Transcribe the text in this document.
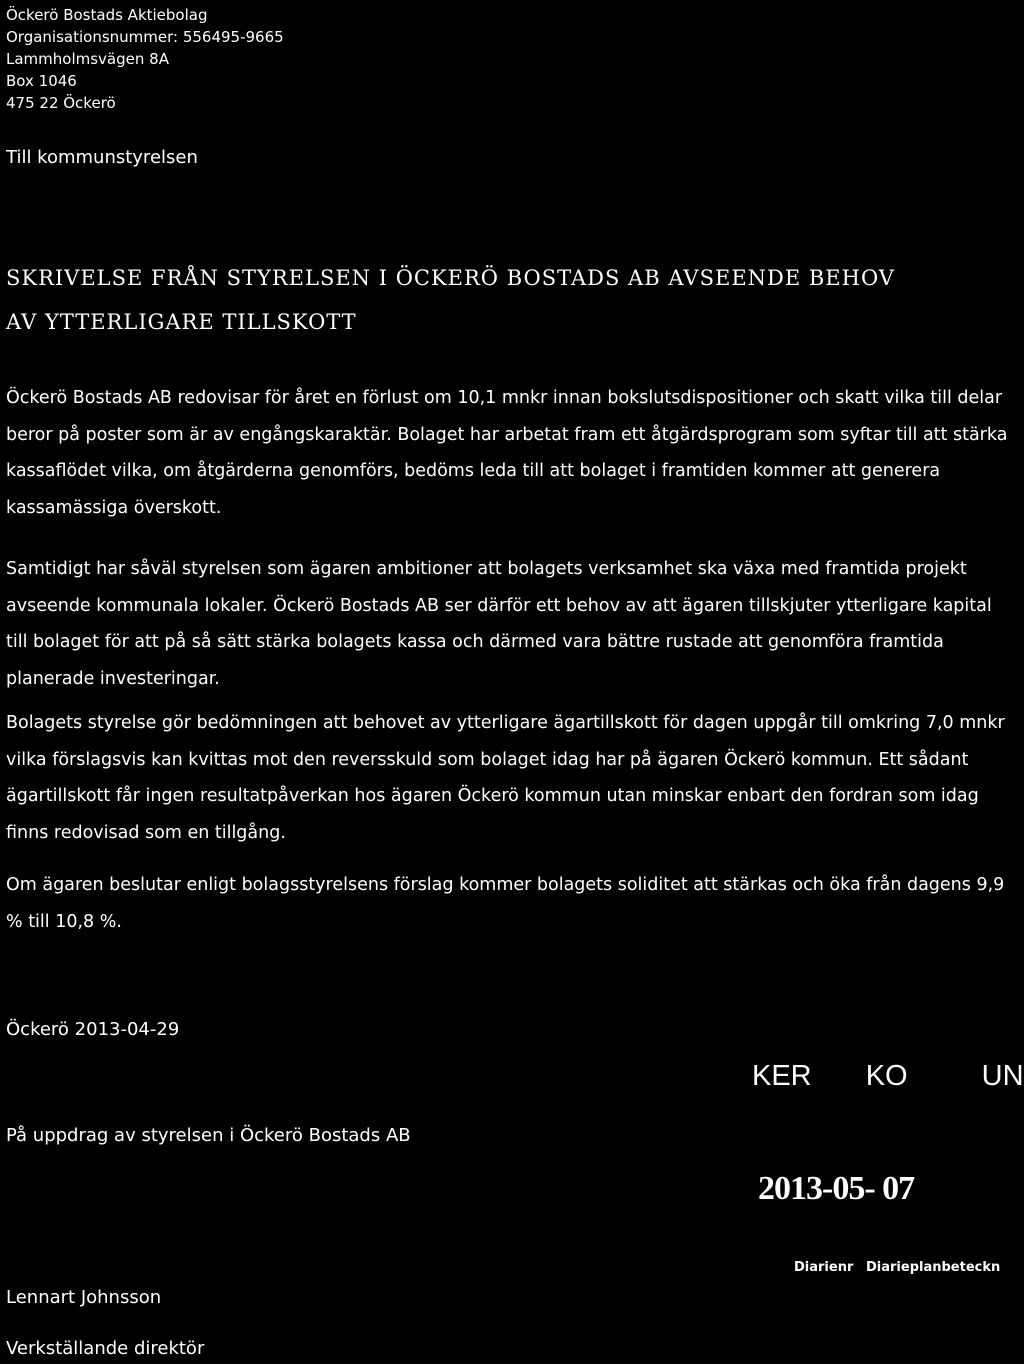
Öckerö Bostads Aktiebolag
Organisationsnummer: 556495-9665
Lammholmsvägen 8A
Box 1046
475 22 Öckerö
Till kommunstyrelsen
SKRIVELSE FRÅN STYRELSEN I ÖCKERÖ BOSTADS AB AVSEENDE BEHOV
AV YTTERLIGARE TILLSKOTT
Öckerö Bostads AB redovisar för året en förlust om 10,1 mnkr innan bokslutsdispositioner och skatt vilka till delar beror på poster som är av engångskaraktär. Bolaget har arbetat fram ett åtgärdsprogram som syftar till att stärka kassaflödet vilka, om åtgärderna genomförs, bedöms leda till att bolaget i framtiden kommer att generera kassamässiga överskott.
Samtidigt har såväl styrelsen som ägaren ambitioner att bolagets verksamhet ska växa med framtida projekt avseende kommunala lokaler. Öckerö Bostads AB ser därför ett behov av att ägaren tillskjuter ytterligare kapital till bolaget för att på så sätt stärka bolagets kassa och därmed vara bättre rustade att genomföra framtida planerade investeringar.
Bolagets styrelse gör bedömningen att behovet av ytterligare ägartillskott för dagen uppgår till omkring 7,0 mnkr vilka förslagsvis kan kvittas mot den reversskuld som bolaget idag har på ägaren Öckerö kommun. Ett sådant ägartillskott får ingen resultatpåverkan hos ägaren Öckerö kommun utan minskar enbart den fordran som idag finns redovisad som en tillgång.
Om ägaren beslutar enligt bolagsstyrelsens förslag kommer bolagets soliditet att stärkas och öka från dagens 9,9 % till 10,8 %.
Öckerö 2013-04-29
KER KO	UN
På uppdrag av styrelsen i Öckerö Bostads AB
2013-05- 07
Diarienr Diarieplanbeteckn
Lennart Johnsson
Verkställande direktör
